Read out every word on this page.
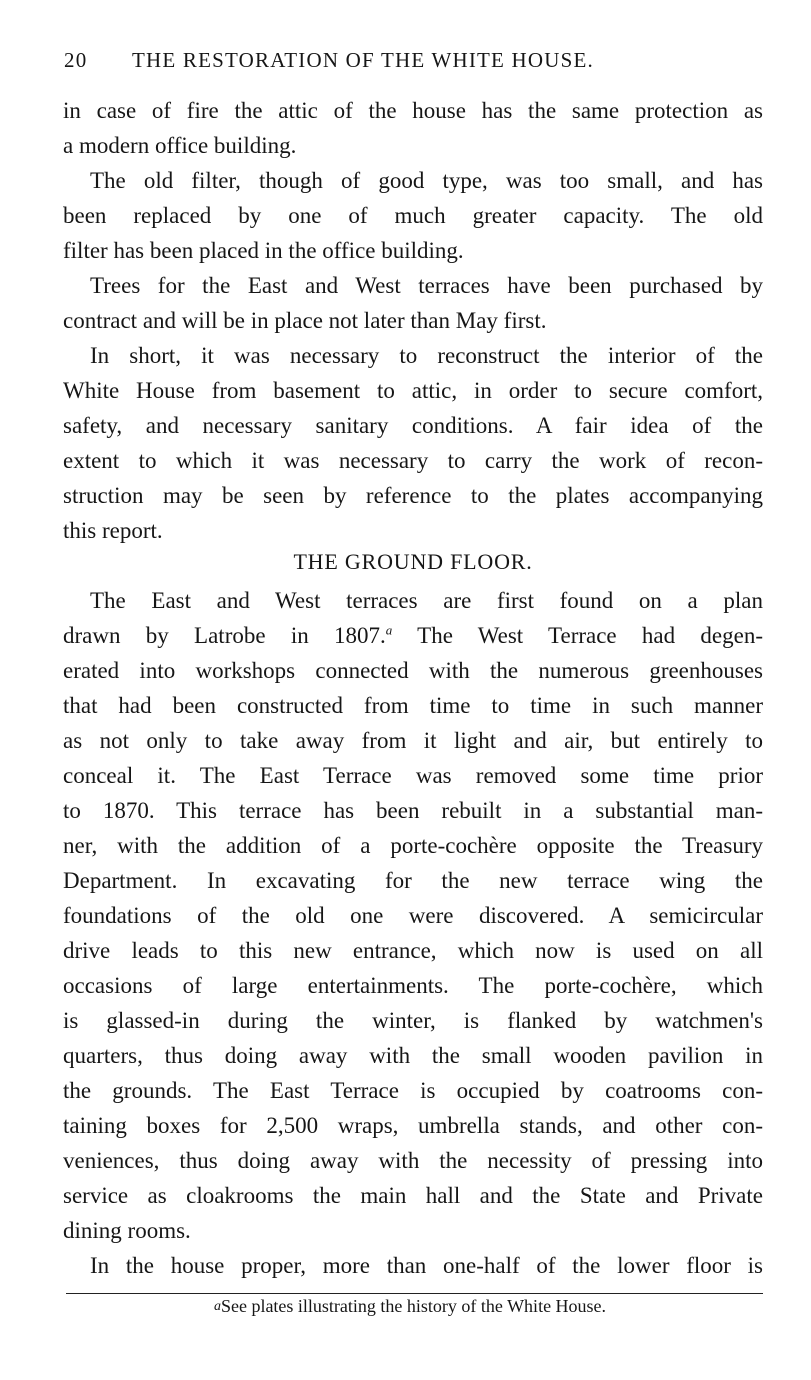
20 THE RESTORATION OF THE WHITE HOUSE.
in case of fire the attic of the house has the same protection as
a modern office building.
The old filter, though of good type, was too small, and has
been replaced by one of much greater capacity. The old
filter has been placed in the office building.
Trees for the East and West terraces have been purchased by
contract and will be in place not later than May first.
In short, it was necessary to reconstruct the interior of the
White House from basement to attic, in order to secure comfort,
safety, and necessary sanitary conditions. A fair idea of the
extent to which it was necessary to carry the work of recon-
struction may be seen by reference to the plates accompanying
this report.
THE GROUND FLOOR.
The East and West terraces are first found on a plan
drawn by Latrobe in 1807.$^a$ The West Terrace had degen-
erated into workshops connected with the numerous greenhouses
that had been constructed from time to time in such manner
as not only to take away from it light and air, but entirely to
conceal it. The East Terrace was removed some time prior
to 1870. This terrace has been rebuilt in a substantial man-
ner, with the addition of a porte-cochère opposite the Treasury
Department. In excavating for the new terrace wing the
foundations of the old one were discovered. A semicircular
drive leads to this new entrance, which now is used on all
occasions of large entertainments. The porte-cochère, which
is glassed-in during the winter, is flanked by watchmen's
quarters, thus doing away with the small wooden pavilion in
the grounds. The East Terrace is occupied by coatrooms con-
taining boxes for 2,500 wraps, umbrella stands, and other con-
veniences, thus doing away with the necessity of pressing into
service as cloakrooms the main hall and the State and Private
dining rooms.
In the house proper, more than one-half of the lower floor is
aSee plates illustrating the history of the White House.
